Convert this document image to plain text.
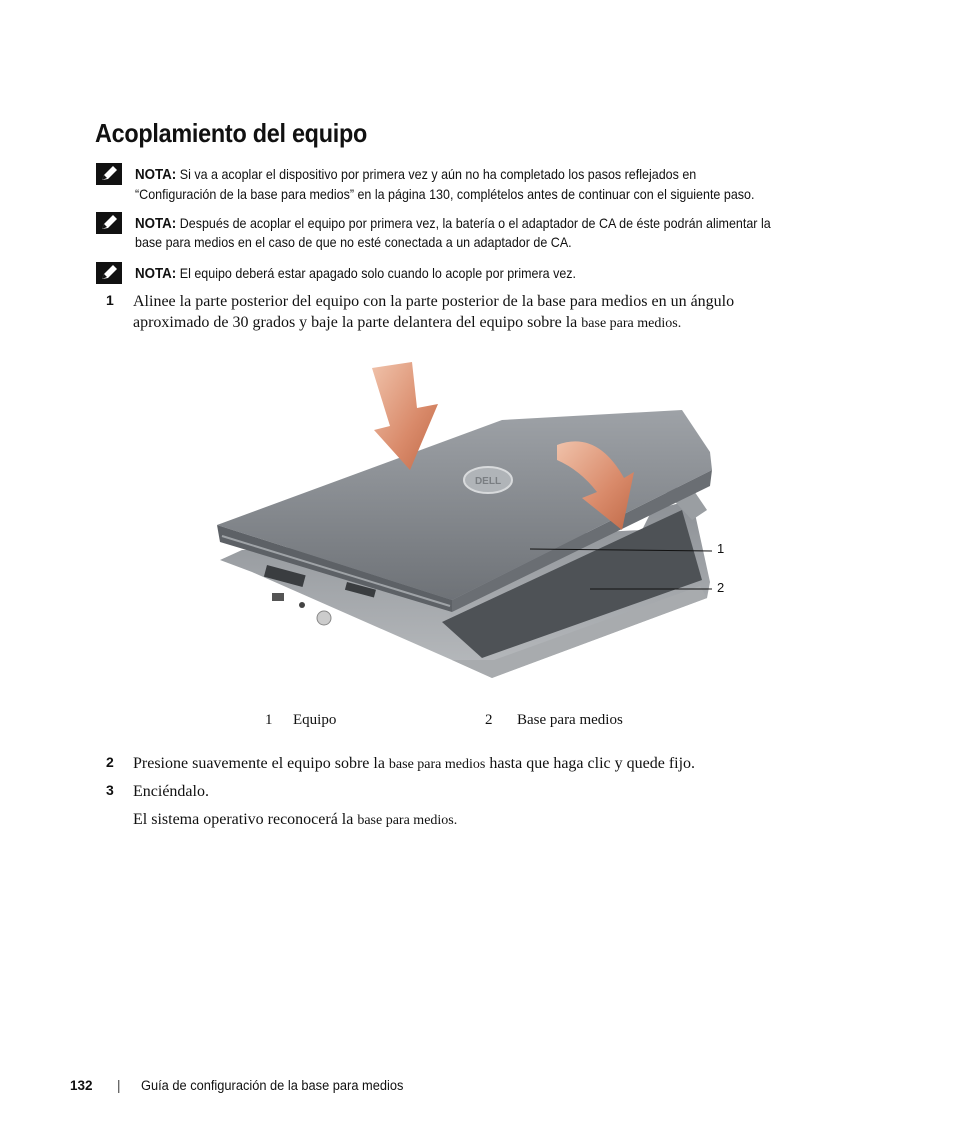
Acoplamiento del equipo
NOTA: Si va a acoplar el dispositivo por primera vez y aún no ha completado los pasos reflejados en
“Configuración de la base para medios” en la página 130, complételos antes de continuar con el siguiente paso.
NOTA: Después de acoplar el equipo por primera vez, la batería o el adaptador de CA de éste podrán alimentar la
base para medios en el caso de que no esté conectada a un adaptador de CA.
NOTA: El equipo deberá estar apagado solo cuando lo acople por primera vez.
1 Alinee la parte posterior del equipo con la parte posterior de la base para medios en un ángulo
aproximado de 30 grados y baje la parte delantera del equipo sobre la base para medios.
DELL
1
2
1 Equipo	2 Base para medios
2 Presione suavemente el equipo sobre la base para medios hasta que haga clic y quede fijo.
3 Enciéndalo.
El sistema operativo reconocerá la base para medios.
132 | Guía de configuración de la base para medios
